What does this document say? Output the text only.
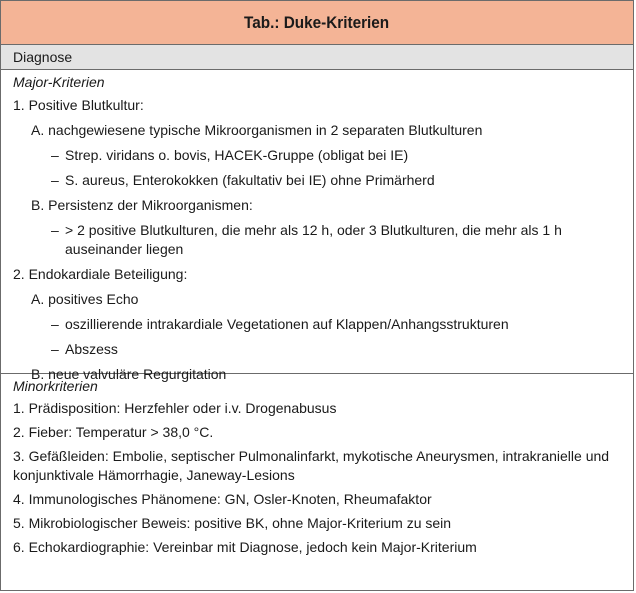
Tab.: Duke-Kriterien
Diagnose
Major-Kriterien
1. Positive Blutkultur:
A. nachgewiesene typische Mikroorganismen in 2 separaten Blutkulturen
– Strep. viridans o. bovis, HACEK-Gruppe (obligat bei IE)
– S. aureus, Enterokokken (fakultativ bei IE) ohne Primärherd
B. Persistenz der Mikroorganismen:
– > 2 positive Blutkulturen, die mehr als 12 h, oder 3 Blutkulturen, die mehr als 1 h auseinander liegen
2. Endokardiale Beteiligung:
A. positives Echo
– oszillierende intrakardiale Vegetationen auf Klappen/Anhangsstrukturen
– Abszess
B. neue valvuläre Regurgitation
Minorkriterien
1. Prädisposition: Herzfehler oder i.v. Drogenabusus
2. Fieber: Temperatur > 38,0 °C.
3. Gefäßleiden: Embolie, septischer Pulmonalinfarkt, mykotische Aneurysmen, intrakranielle und konjunktivale Hämorrhagie, Janeway-Lesions
4. Immunologisches Phänomene: GN, Osler-Knoten, Rheumafaktor
5. Mikrobiologischer Beweis: positive BK, ohne Major-Kriterium zu sein
6. Echokardiographie: Vereinbar mit Diagnose, jedoch kein Major-Kriterium
